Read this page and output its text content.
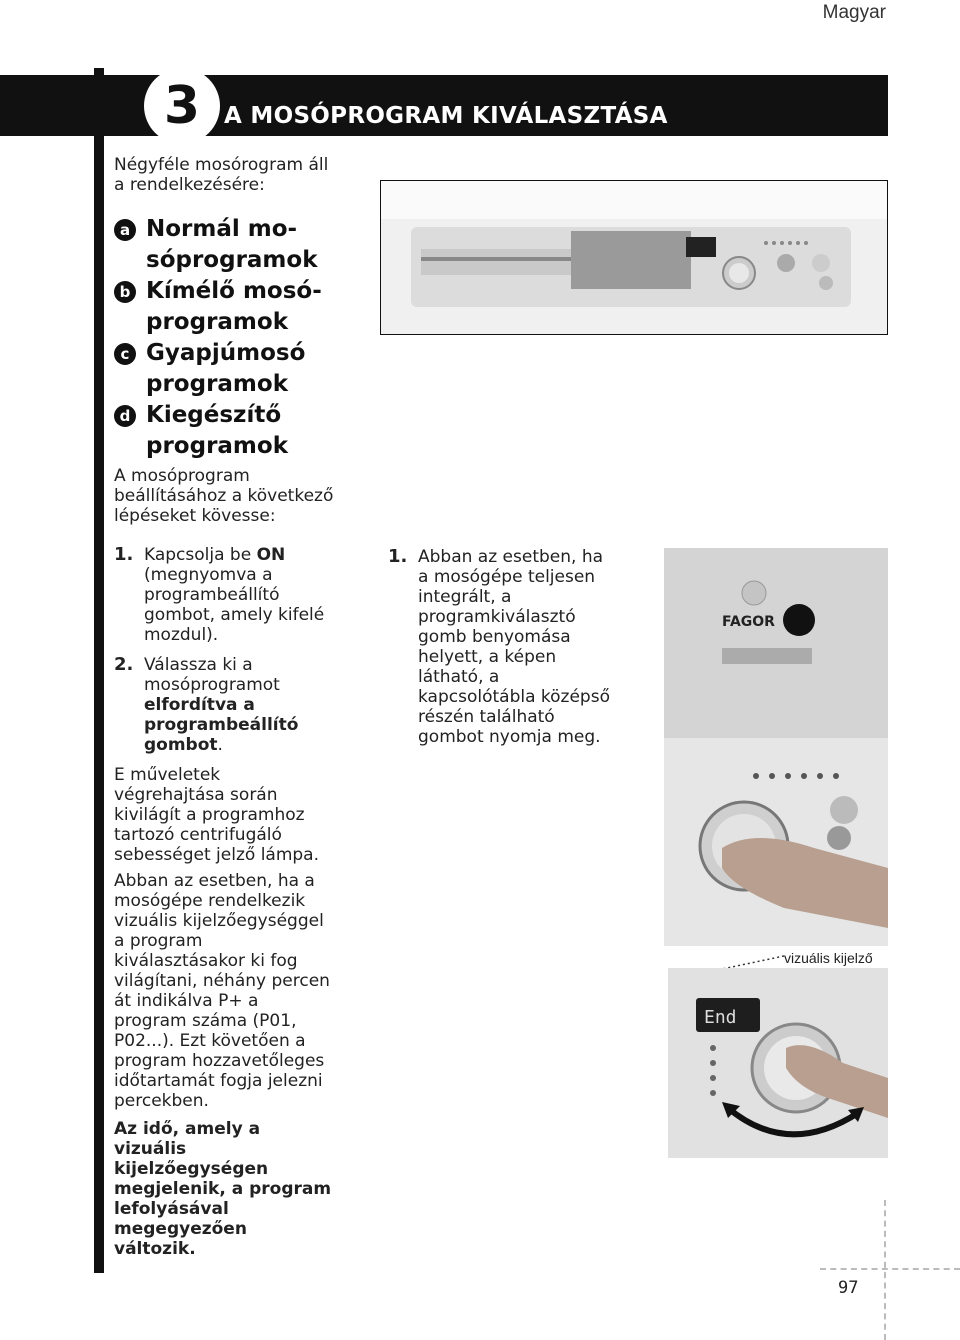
Magyar
3	A MOSÓPROGRAM KIVÁLASZTÁSA
Négyféle mosórogram áll a rendelkezésére:
a Normál mo-
sóprogramok
b Kímélő mosó-
programok
c Gyapjúmosó
programok
d Kiegészítő
programok
A mosóprogram beállításához a következő lépéseket kövesse:
1. Kapcsolja be ON (megnyomva a programbeállító gombot, amely kifelé mozdul).
2. Válassza ki a mosóprogramot elfordítva a programbeállító gombot.
E műveletek végrehajtása során kivilágít a programhoz tartozó centrifugáló sebességet jelző lámpa.
Abban az esetben, ha a mosógépe rendelkezik vizuális kijelzőegységgel a program kiválasztásakor ki fog világítani, néhány percen át indikálva P+ a program száma (P01, P02...). Ezt követően a program hozzavetőleges időtartamát fogja jelezni percekben.
Az idő, amely a vizuális kijelzőegységen megjelenik, a program lefolyásával megegyezően változik.
1. Abban az esetben, ha a mosógépe teljesen integrált, a programkiválasztó gomb benyomása helyett, a képen látható, a kapcsolótábla középső részén található gombot nyomja meg.
FAGOR
vizuális kijelző
End
97
